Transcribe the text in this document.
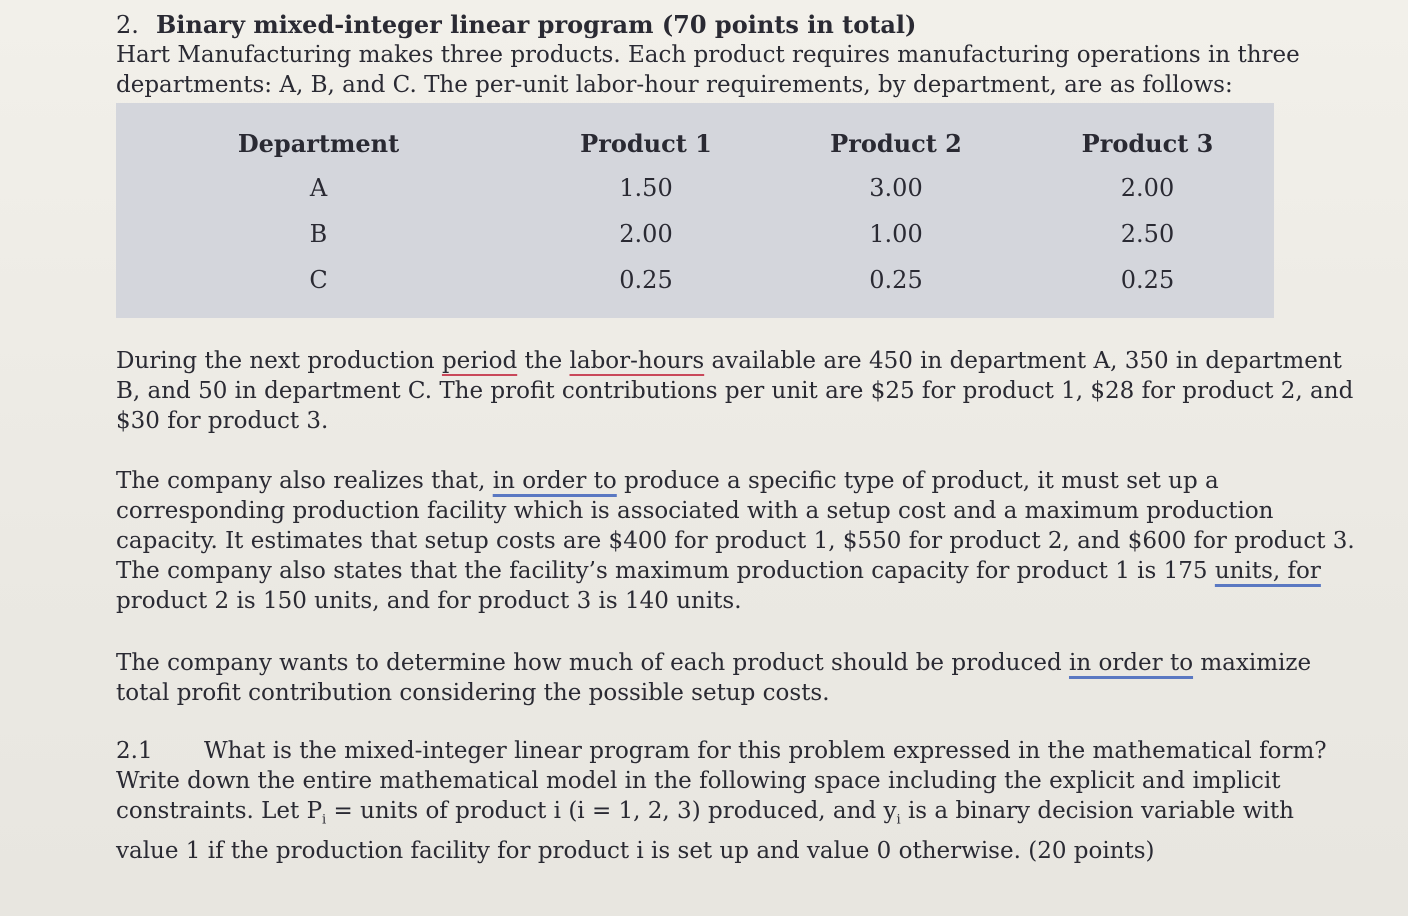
2. Binary mixed-integer linear program (70 points in total)
Hart Manufacturing makes three products. Each product requires manufacturing operations in three
departments: A, B, and C. The per-unit labor-hour requirements, by department, are as follows:
Department	Product 1	Product 2	Product 3
A	1.50	3.00	2.00
B	2.00	1.00	2.50
C	0.25	0.25	0.25
During the next production period the labor-hours available are 450 in department A, 350 in department
B, and 50 in department C. The profit contributions per unit are $25 for product 1, $28 for product 2, and
$30 for product 3.
The company also realizes that, in order to produce a specific type of product, it must set up a
corresponding production facility which is associated with a setup cost and a maximum production
capacity. It estimates that setup costs are $400 for product 1, $550 for product 2, and $600 for product 3.
The company also states that the facility’s maximum production capacity for product 1 is 175 units, for
product 2 is 150 units, and for product 3 is 140 units.
The company wants to determine how much of each product should be produced in order to maximize
total profit contribution considering the possible setup costs.
2.1 What is the mixed-integer linear program for this problem expressed in the mathematical form?
Write down the entire mathematical model in the following space including the explicit and implicit
constraints. Let $P_i$ = units of product i (i = 1, 2, 3) produced, and $y_i$ is a binary decision variable with
value 1 if the production facility for product i is set up and value 0 otherwise. (20 points)
